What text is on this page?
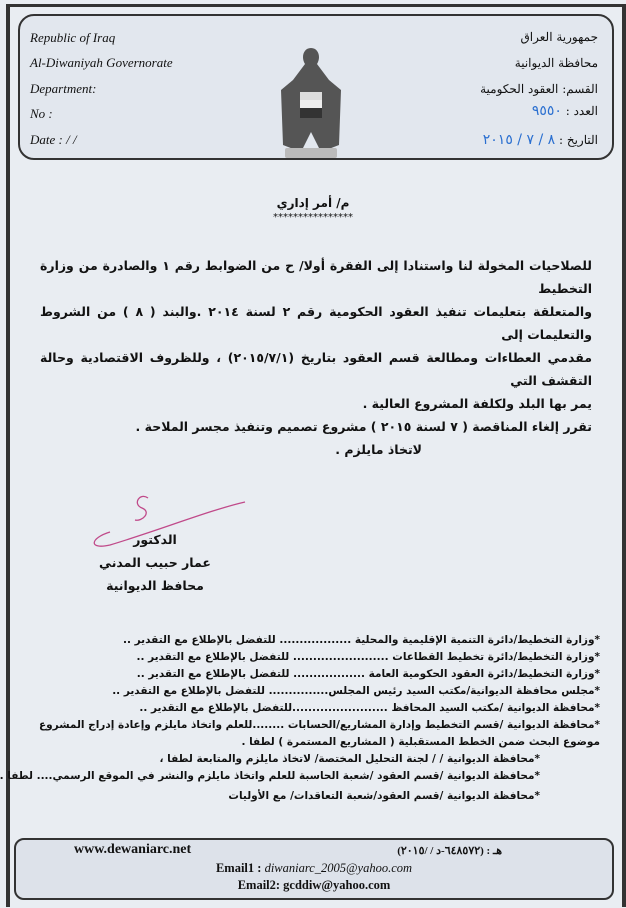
Republic of Iraq
Al-Diwaniyah Governorate
Department:
No :
Date : / /
جمهورية العراق
محافظة الديوانية
القسم: العقود الحكومية
العدد : ٩٥٥٠
التاريخ : ٨ / ٧ / ٢٠١٥
م/ أمر إداري
****************
للصلاحيات المخولة لنا واستنادا إلى الفقرة أولا/ ح من الضوابط رقم ١ والصادرة من وزارة التخطيط
والمتعلقة بتعليمات تنفيذ العقود الحكومية رقم ٢ لسنة ٢٠١٤ .والبند ( ٨ ) من الشروط والتعليمات إلى
مقدمي العطاءات ومطالعة قسم العقود بتاريخ (٢٠١٥/٧/١) ، وللظروف الاقتصادية وحالة التقشف التي
يمر بها البلد ولكلفة المشروع العالية .
تقرر إلغاء المناقصة ( ٧ لسنة ٢٠١٥ ) مشروع تصميم وتنفيذ مجسر الملاحة .
لاتخاذ مايلزم .
الدكتور
عمار حبيب المدني
محافظ الديوانية
*وزارة التخطيط/دائرة التنمية الإقليمية والمحلية .................. للتفضل بالإطلاع مع التقدير ..
*وزارة التخطيط/دائرة تخطيط القطاعات ........................ للتفضل بالإطلاع مع التقدير ..
*وزارة التخطيط/دائرة العقود الحكومية العامة .................. للتفضل بالإطلاع مع التقدير ..
*مجلس محافظة الديوانية/مكتب السيد رئيس المجلس............... للتفضل بالإطلاع مع التقدير ..
*محافظة الديوانية /مكتب السيد المحافظ ........................للتفضل بالإطلاع مع التقدير ..
*محافظة الديوانية /قسم التخطيط وإدارة المشاريع/الحسابات ........للعلم واتخاذ مايلزم وإعادة إدراج المشروع
موضوع البحث ضمن الخطط المستقبلية ( المشاريع المستمرة ) لطفا .
*محافظة الديوانية / / لجنة التحليل المختصة/ لاتخاذ مايلزم والمتابعة لطفا ،
*محافظة الديوانية /قسم العقود /شعبة الحاسبة للعلم واتخاذ مايلزم والنشر في الموقع الرسمي.... لطفا .
*محافظة الديوانية /قسم العقود/شعبة التعاقدات/ مع الأوليات
www.dewaniarc.net	هـ : (٦٤٨٥٧٢-د / /٢٠١٥)
Email1 : diwaniarc_2005@yahoo.com
Email2: gcddiw@yahoo.com
